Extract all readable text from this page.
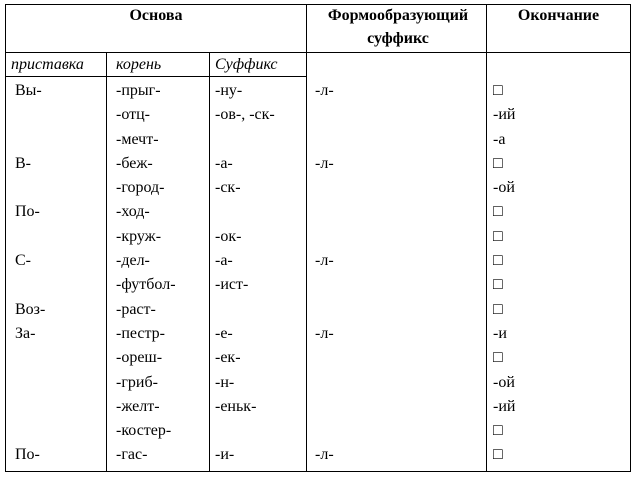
Основа	Формообразующий суффикс
Окончание
приставка корень	Суффикс
Вы-

В-

По-

С-

Воз-
За-

По-
-прыг-
-отц-
-мечт-
-беж-
-город-
-ход-
-круж-
-дел-
-футбол-
-раст-
-пестр-
-ореш-
-гриб-
-желт-
-костер-
-гас-
-ну-
-ов-, -ск-

-а-
-ск-

-ок-
-а-
-ист-

-е-
-ек-
-н-
-еньк-

-и-
-л-

-л-

-л-

-л-

-л-
□
-ий
-а
□
-ой
□
□
□
□
□
-и
□
-ой
-ий
□
□
